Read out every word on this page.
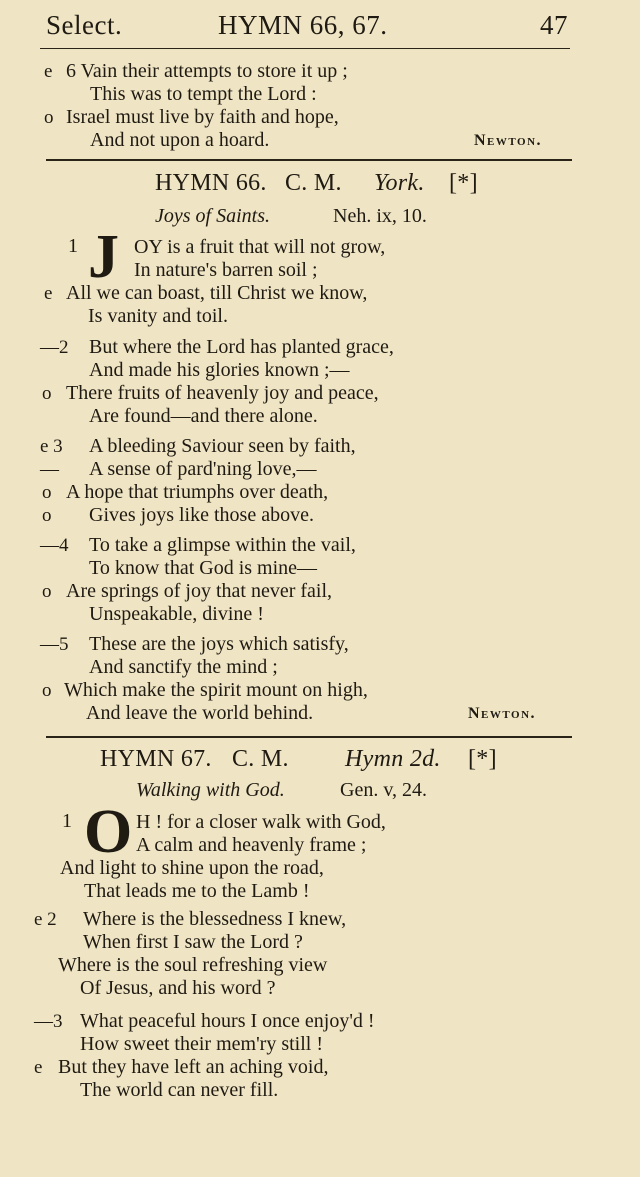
Select.	HYMN 66, 67.	47
e 6 Vain their attempts to store it up ;
This was to tempt the Lord :
o Israel must live by faith and hope,
And not upon a hoard.	Newton.
HYMN 66. C. M. York. [*]
Joys of Saints.	Neh. ix, 10.
1 J OY is a fruit that will not grow,
In nature's barren soil ;
e All we can boast, till Christ we know,
Is vanity and toil.
—2 But where the Lord has planted grace,
And made his glories known ;—
o There fruits of heavenly joy and peace,
Are found—and there alone.
e 3 A bleeding Saviour seen by faith,
— A sense of pard'ning love,—
o A hope that triumphs over death,
o Gives joys like those above.
—4 To take a glimpse within the vail,
To know that God is mine—
o Are springs of joy that never fail,
Unspeakable, divine !
—5 These are the joys which satisfy,
And sanctify the mind ;
o Which make the spirit mount on high,
And leave the world behind.	Newton.
HYMN 67. C. M. Hymn 2d. [*]
Walking with God.	Gen. v, 24.
1 O H ! for a closer walk with God,
A calm and heavenly frame ;
And light to shine upon the road,
That leads me to the Lamb !
e 2 Where is the blessedness I knew,
When first I saw the Lord ?
Where is the soul refreshing view
Of Jesus, and his word ?
—3 What peaceful hours I once enjoy'd !
How sweet their mem'ry still !
e But they have left an aching void,
The world can never fill.
